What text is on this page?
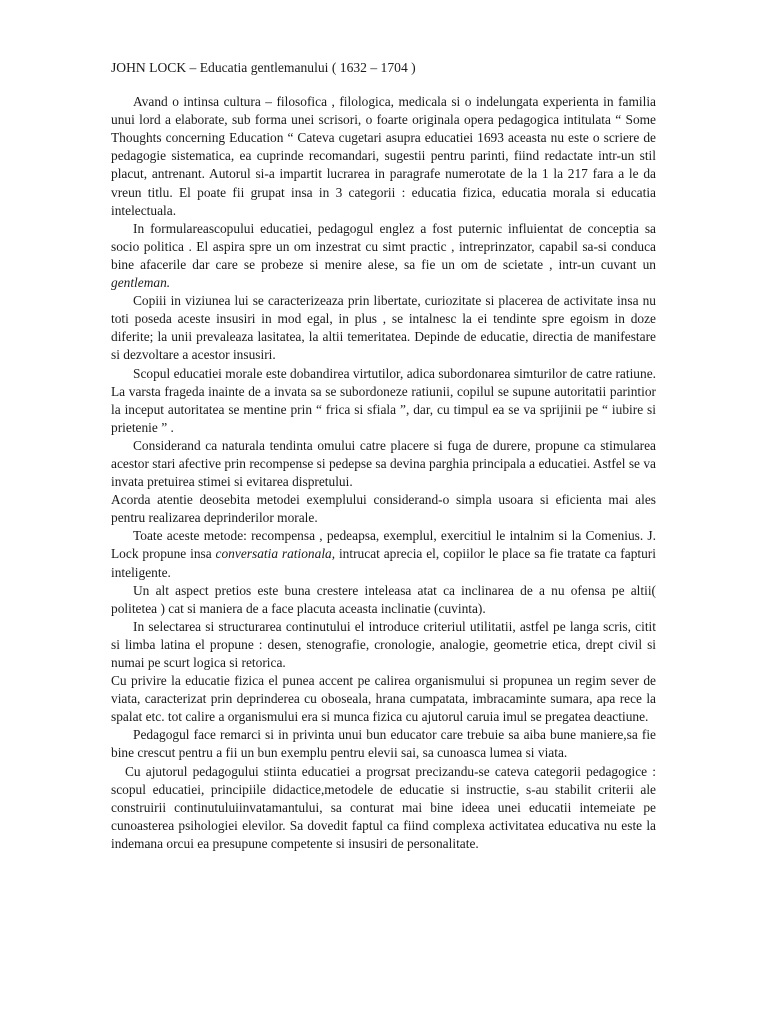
JOHN LOCK – Educatia gentlemanului ( 1632 – 1704 )

Avand o intinsa cultura – filosofica , filologica, medicala si o indelungata experienta in familia unui lord a elaborate, sub forma unei scrisori, o foarte originala opera pedagogica intitulata “ Some Thoughts concerning Education “ Cateva cugetari asupra educatiei 1693 aceasta nu este o scriere de pedagogie sistematica, ea cuprinde recomandari, sugestii pentru parinti, fiind redactate intr-un stil placut, antrenant. Autorul si-a impartit lucrarea in paragrafe numerotate de la 1 la 217 fara a le da vreun titlu. El poate fii grupat insa in 3 categorii : educatia fizica, educatia morala si educatia intelectuala.

In formulareascopului educatiei, pedagogul englez a fost puternic influientat de conceptia sa socio politica . El aspira spre un om inzestrat cu simt practic , intreprinzator, capabil sa-si conduca bine afacerile dar care se probeze si menire alese, sa fie un om de scietate , intr-un cuvant un gentleman.

Copiii in viziunea lui se caracterizeaza prin libertate, curiozitate si placerea de activitate insa nu toti poseda aceste insusiri in mod egal, in plus , se intalnesc la ei tendinte spre egoism in doze diferite; la unii prevaleaza lasitatea, la altii temeritatea. Depinde de educatie, directia de manifestare si dezvoltare a acestor insusiri.

Scopul educatiei morale este dobandirea virtutilor, adica subordonarea simturilor de catre ratiune. La varsta frageda inainte de a invata sa se subordoneze ratiunii, copilul se supune autoritatii parintior la inceput autoritatea se mentine prin “ frica si sfiala ”, dar, cu timpul ea se va sprijinii pe “ iubire si prietenie ” .

Considerand ca naturala tendinta omului catre placere si fuga de durere, propune ca stimularea acestor stari afective prin recompense si pedepse sa devina parghia principala a educatiei. Astfel se va invata pretuirea stimei si evitarea dispretului.

Acorda atentie deosebita metodei exemplului considerand-o simpla usoara si eficienta mai ales pentru realizarea deprinderilor morale.

Toate aceste metode: recompensa , pedeapsa, exemplul, exercitiul le intalnim si la Comenius. J. Lock propune insa conversatia rationala, intrucat aprecia el, copiilor le place sa fie tratate ca fapturi inteligente.

Un alt aspect pretios este buna crestere inteleasa atat ca inclinarea de a nu ofensa pe altii( politetea ) cat si maniera de a face placuta aceasta inclinatie (cuvinta).

In selectarea si structurarea continutului el introduce criteriul utilitatii, astfel pe langa scris, citit si limba latina el propune : desen, stenografie, cronologie, analogie, geometrie etica, drept civil si numai pe scurt logica si retorica.

Cu privire la educatie fizica el punea accent pe calirea organismului si propunea un regim sever de viata, caracterizat prin deprinderea cu oboseala, hrana cumpatata, imbracaminte sumara, apa rece la spalat etc. tot calire a organismului era si munca fizica cu ajutorul caruia imul se pregatea deactiune.

Pedagogul face remarci si in privinta unui bun educator care trebuie sa aiba bune maniere,sa fie bine crescut pentru a fii un bun exemplu pentru elevii sai, sa cunoasca lumea si viata.

Cu ajutorul pedagogului stiinta educatiei a progrsat precizandu-se cateva categorii pedagogice : scopul educatiei, principiile didactice,metodele de educatie si instructie, s-au stabilit criterii ale construirii continutuluiinvatamantului, sa conturat mai bine ideea unei educatii intemeiate pe cunoasterea psihologiei elevilor. Sa dovedit faptul ca fiind complexa activitatea educativa nu este la indemana orcui ea presupune competente si insusiri de personalitate.
